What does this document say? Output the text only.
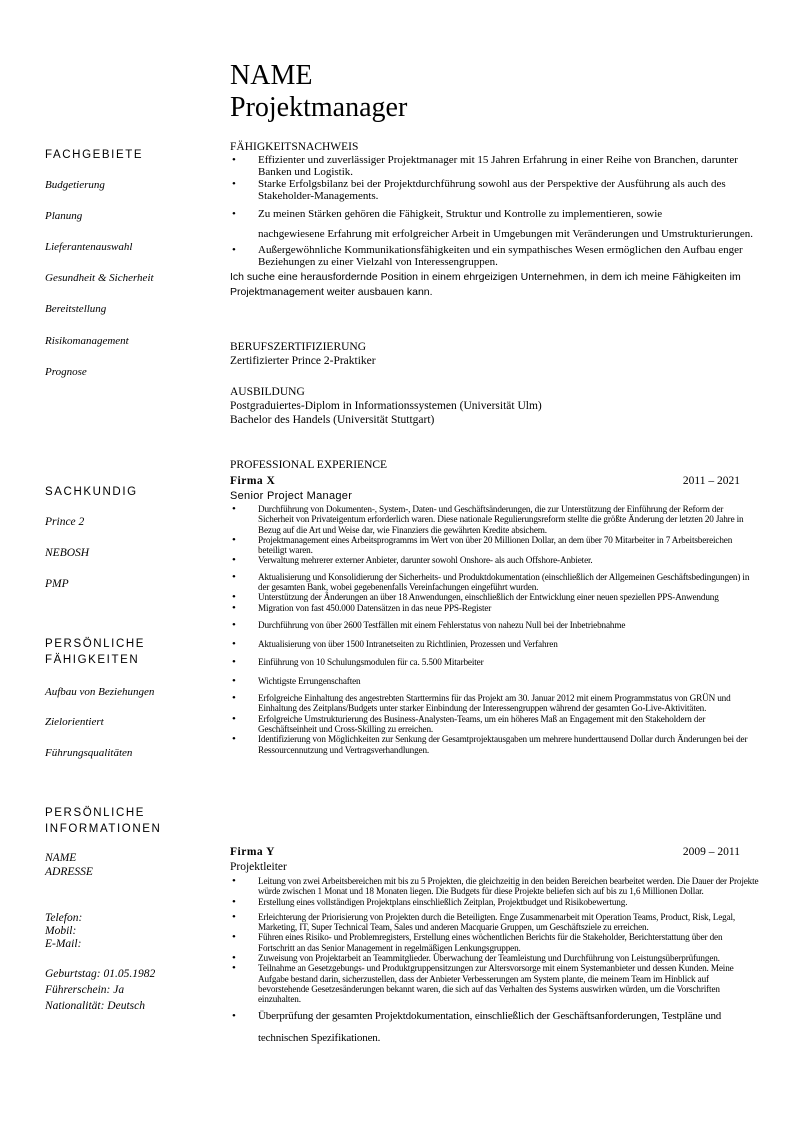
NAME
Projektmanager
FACHGEBIETE
Budgetierung
Planung
Lieferantenauswahl
Gesundheit & Sicherheit
Bereitstellung
Risikomanagement
Prognose
SACHKUNDIG
Prince 2
NEBOSH
PMP
PERSÖNLICHE
FÄHIGKEITEN
Aufbau von Beziehungen
Zielorientiert
Führungsqualitäten
PERSÖNLICHE
INFORMATIONEN
NAME
ADRESSE
Telefon:
Mobil:
E-Mail:
Geburtstag: 01.05.1982
Führerschein: Ja
Nationalität: Deutsch
FÄHIGKEITSNACHWEIS
• Effizienter und zuverlässiger Projektmanager mit 15 Jahren Erfahrung in einer Reihe von Branchen, darunter Banken und Logistik.
• Starke Erfolgsbilanz bei der Projektdurchführung sowohl aus der Perspektive der Ausführung als auch des Stakeholder-Managements.
• Zu meinen Stärken gehören die Fähigkeit, Struktur und Kontrolle zu implementieren, sowie
nachgewiesene Erfahrung mit erfolgreicher Arbeit in Umgebungen mit Veränderungen und Umstrukturierungen.
• Außergewöhnliche Kommunikationsfähigkeiten und ein sympathisches Wesen ermöglichen den Aufbau enger Beziehungen zu einer Vielzahl von Interessengruppen.
Ich suche eine herausfordernde Position in einem ehrgeizigen Unternehmen, in dem ich meine Fähigkeiten im Projektmanagement weiter ausbauen kann.
BERUFSZERTIFIZIERUNG
Zertifizierter Prince 2-Praktiker
AUSBILDUNG
Postgraduiertes-Diplom in Informationssystemen (Universität Ulm)
Bachelor des Handels (Universität Stuttgart)
PROFESSIONAL EXPERIENCE
Firma X	2011 – 2021
Senior Project Manager
• Durchführung von Dokumenten-, System-, Daten- und Geschäftsänderungen, die zur Unterstützung der Einführung der Reform der Sicherheit von Privateigentum erforderlich waren. Diese nationale Regulierungsreform stellte die größte Änderung der letzten 20 Jahre in Bezug auf die Art und Weise dar, wie Finanziers die gewährten Kredite absichem.
• Projektmanagement eines Arbeitsprogramms im Wert von über 20 Millionen Dollar, an dem über 70 Mitarbeiter in 7 Arbeitsbereichen beteiligt waren.
• Verwaltung mehrerer externer Anbieter, darunter sowohl Onshore- als auch Offshore-Anbieter.
• Aktualisierung und Konsolidierung der Sicherheits- und Produktdokumentation (einschließlich der Allgemeinen Geschäftsbedingungen) in der gesamten Bank, wobei gegebenenfalls Vereinfachungen eingeführt wurden.
• Unterstützung der Änderungen an über 18 Anwendungen, einschließlich der Entwicklung einer neuen speziellen PPS-Anwendung
• Migration von fast 450.000 Datensätzen in das neue PPS-Register
• Durchführung von über 2600 Testfällen mit einem Fehlerstatus von nahezu Null bei der Inbetriebnahme
• Aktualisierung von über 1500 Intranetseiten zu Richtlinien, Prozessen und Verfahren
• Einführung von 10 Schulungsmodulen für ca. 5.500 Mitarbeiter
• Wichtigste Errungenschaften
• Erfolgreiche Einhaltung des angestrebten Starttermins für das Projekt am 30. Januar 2012 mit einem Programmstatus von GRÜN und Einhaltung des Zeitplans/Budgets unter starker Einbindung der Interessengruppen während der gesamten Go-Live-Aktivitäten.
• Erfolgreiche Umstrukturierung des Business-Analysten-Teams, um ein höheres Maß an Engagement mit den Stakeholdern der Geschäftseinheit und Cross-Skilling zu erreichen.
• Identifizierung von Möglichkeiten zur Senkung der Gesamtprojektausgaben um mehrere hunderttausend Dollar durch Änderungen bei der Ressourcennutzung und Vertragsverhandlungen.
Firma Y	2009 – 2011
Projektleiter
• Leitung von zwei Arbeitsbereichen mit bis zu 5 Projekten, die gleichzeitig in den beiden Bereichen bearbeitet werden. Die Dauer der Projekte würde zwischen 1 Monat und 18 Monaten liegen. Die Budgets für diese Projekte beliefen sich auf bis zu 1,6 Millionen Dollar.
• Erstellung eines vollständigen Projektplans einschließlich Zeitplan, Projektbudget und Risikobewertung.
• Erleichterung der Priorisierung von Projekten durch die Beteiligten. Enge Zusammenarbeit mit Operation Teams, Product, Risk, Legal, Marketing, IT, Super Technical Team, Sales und anderen Macquarie Gruppen, um Geschäftsziele zu erreichen.
• Führen eines Risiko- und Problemregisters, Erstellung eines wöchentlichen Berichts für die Stakeholder, Berichterstattung über den Fortschritt an das Senior Management in regelmäßigen Lenkungsgruppen.
• Zuweisung von Projektarbeit an Teammitglieder. Überwachung der Teamleistung und Durchführung von Leistungsüberprüfungen.
• Teilnahme an Gesetzgebungs- und Produktgruppensitzungen zur Altersvorsorge mit einem Systemanbieter und dessen Kunden. Meine Aufgabe bestand darin, sicherzustellen, dass der Anbieter Verbesserungen am System plante, die meinem Team im Hinblick auf bevorstehende Gesetzesänderungen bekannt waren, die sich auf das Verhalten des Systems auswirken würden, um die Vorschriften einzuhalten.
• Überprüfung der gesamten Projektdokumentation, einschließlich der Geschäftsanforderungen, Testpläne und technischen Spezifikationen.
